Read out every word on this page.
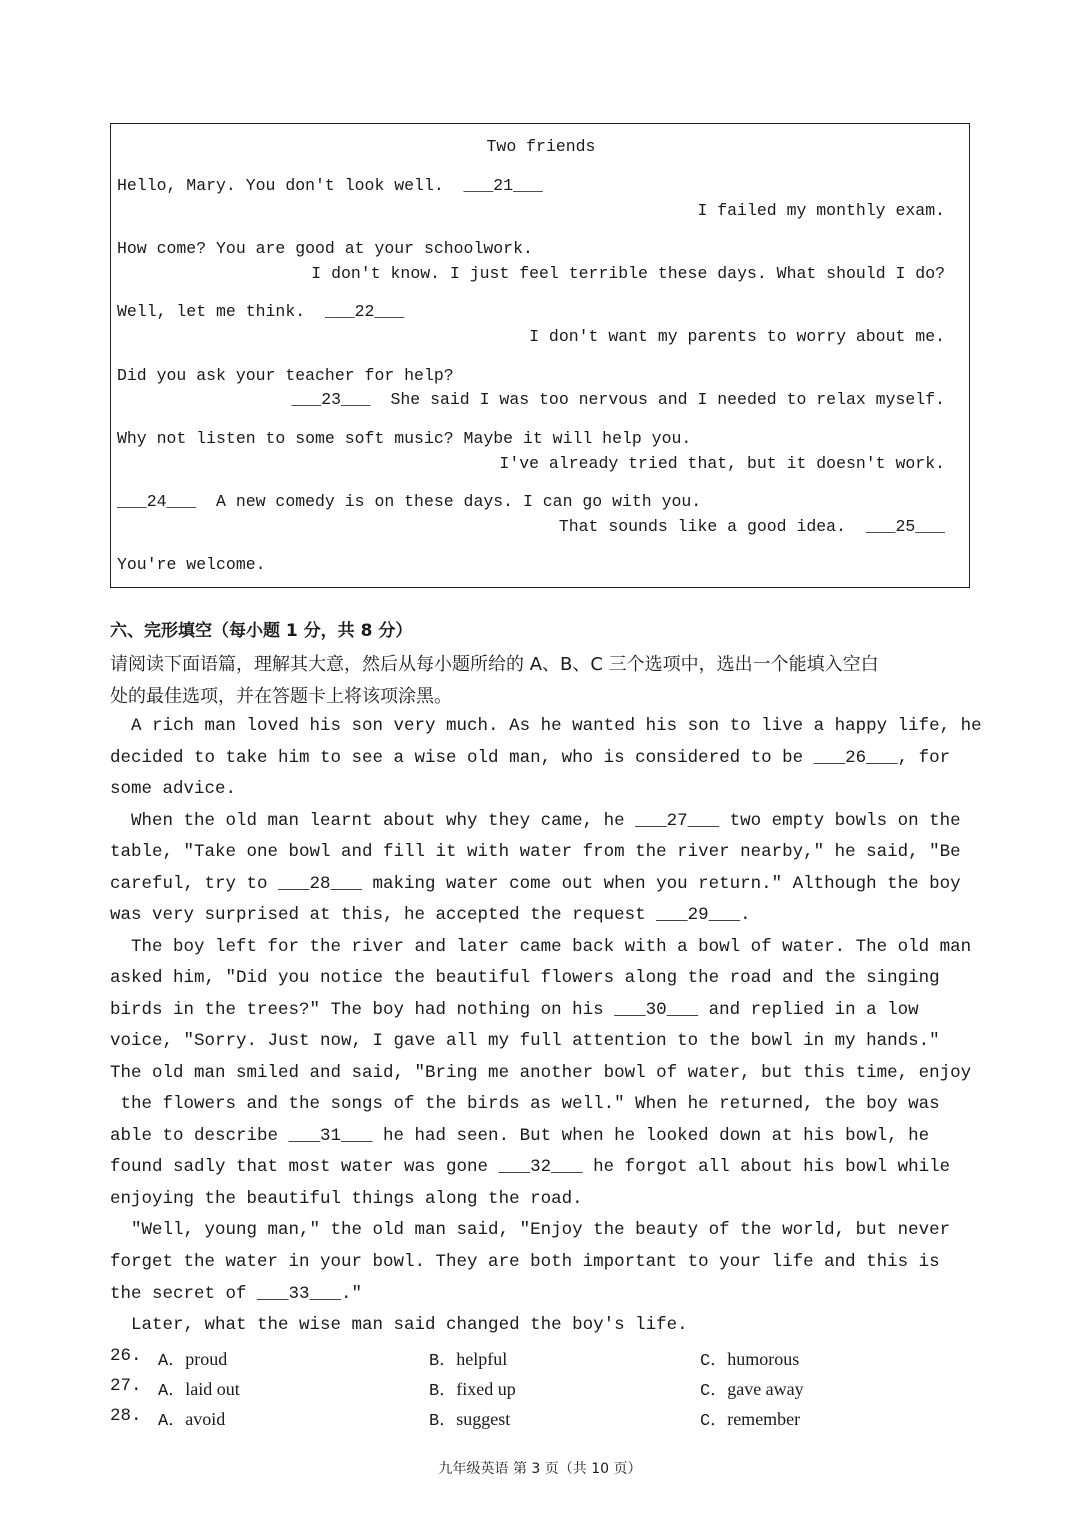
Two friends
Hello, Mary. You don't look well.  ___21___
I failed my monthly exam.
How come? You are good at your schoolwork.
I don't know. I just feel terrible these days. What should I do?
Well, let me think.  ___22___
I don't want my parents to worry about me.
Did you ask your teacher for help?
___23___  She said I was too nervous and I needed to relax myself.
Why not listen to some soft music? Maybe it will help you.
I've already tried that, but it doesn't work.
___24___  A new comedy is on these days. I can go with you.
That sounds like a good idea.  ___25___
You're welcome.
六、完形填空（每小题 1 分，共 8 分）
请阅读下面语篇，理解其大意，然后从每小题所给的 A、B、C 三个选项中，选出一个能填入空白
处的最佳选项，并在答题卡上将该项涂黑。
A rich man loved his son very much. As he wanted his son to live a happy life, he
decided to take him to see a wise old man, who is considered to be ___26___, for
some advice.
When the old man learnt about why they came, he ___27___ two empty bowls on the
table, "Take one bowl and fill it with water from the river nearby," he said, "Be
careful, try to ___28___ making water come out when you return." Although the boy
was very surprised at this, he accepted the request ___29___.
The boy left for the river and later came back with a bowl of water. The old man
asked him, "Did you notice the beautiful flowers along the road and the singing
birds in the trees?" The boy had nothing on his ___30___ and replied in a low
voice, "Sorry. Just now, I gave all my full attention to the bowl in my hands."
The old man smiled and said, "Bring me another bowl of water, but this time, enjoy
the flowers and the songs of the birds as well." When he returned, the boy was
able to describe ___31___ he had seen. But when he looked down at his bowl, he
found sadly that most water was gone ___32___ he forgot all about his bowl while
enjoying the beautiful things along the road.
"Well, young man," the old man said, "Enjoy the beauty of the world, but never
forget the water in your bowl. They are both important to your life and this is
the secret of ___33___."
Later, what the wise man said changed the boy's life.
26. A．proud	B．helpful	C．humorous
27. A．laid out	B．fixed up	C．gave away
28. A．avoid	B．suggest	C．remember
九年级英语 第 3 页（共 10 页）
